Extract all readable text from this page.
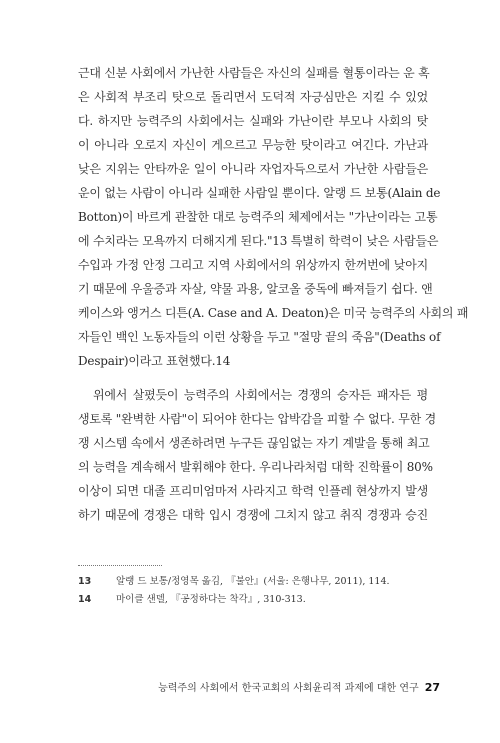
근대 신분 사회에서 가난한 사람들은 자신의 실패를 혈통이라는 운 혹
은 사회적 부조리 탓으로 돌리면서 도덕적 자긍심만은 지킬 수 있었
다. 하지만 능력주의 사회에서는 실패와 가난이란 부모나 사회의 탓
이 아니라 오로지 자신이 게으르고 무능한 탓이라고 여긴다. 가난과
낮은 지위는 안타까운 일이 아니라 자업자득으로서 가난한 사람들은
운이 없는 사람이 아니라 실패한 사람일 뿐이다. 알랭 드 보통(Alain de
Botton)이 바르게 관찰한 대로 능력주의 체제에서는 "가난이라는 고통
에 수치라는 모욕까지 더해지게 된다."13 특별히 학력이 낮은 사람들은
수입과 가정 안정 그리고 지역 사회에서의 위상까지 한꺼번에 낮아지
기 때문에 우울증과 자살, 약물 과용, 알코올 중독에 빠져들기 쉽다. 앤
케이스와 앵거스 디튼(A. Case and A. Deaton)은 미국 능력주의 사회의 패
자들인 백인 노동자들의 이런 상황을 두고 "절망 끝의 죽음"(Deaths of
Despair)이라고 표현했다.14
위에서 살폈듯이 능력주의 사회에서는 경쟁의 승자든 패자든 평
생토록 "완벽한 사람"이 되어야 한다는 압박감을 피할 수 없다. 무한 경
쟁 시스템 속에서 생존하려면 누구든 끊임없는 자기 계발을 통해 최고
의 능력을 계속해서 발휘해야 한다. 우리나라처럼 대학 진학률이 80%
이상이 되면 대졸 프리미엄마저 사라지고 학력 인플레 현상까지 발생
하기 때문에 경쟁은 대학 입시 경쟁에 그치지 않고 취직 경쟁과 승진
13	알랭 드 보통/정영목 옮김, 『불안』(서울: 은행나무, 2011), 114.
14	마이클 샌델, 『공정하다는 착각』, 310-313.
능력주의 사회에서 한국교회의 사회윤리적 과제에 대한 연구 27
